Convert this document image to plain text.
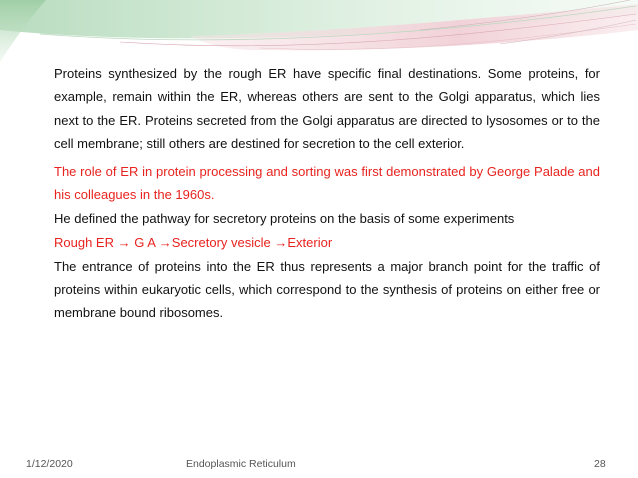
Proteins synthesized by the rough ER have specific final destinations. Some proteins, for example, remain within the ER, whereas others are sent to the Golgi apparatus, which lies next to the ER. Proteins secreted from the Golgi apparatus are directed to lysosomes or to the cell membrane; still others are destined for secretion to the cell exterior.

The role of ER in protein processing and sorting was first demonstrated by George Palade and his colleagues in the 1960s.

He defined the pathway for secretory proteins on the basis of some experiments

Rough ER → G A →Secretory vesicle →Exterior

The entrance of proteins into the ER thus represents a major branch point for the traffic of proteins within eukaryotic cells, which correspond to the synthesis of proteins on either free or membrane bound ribosomes.

1/12/2020	Endoplasmic Reticulum	28
